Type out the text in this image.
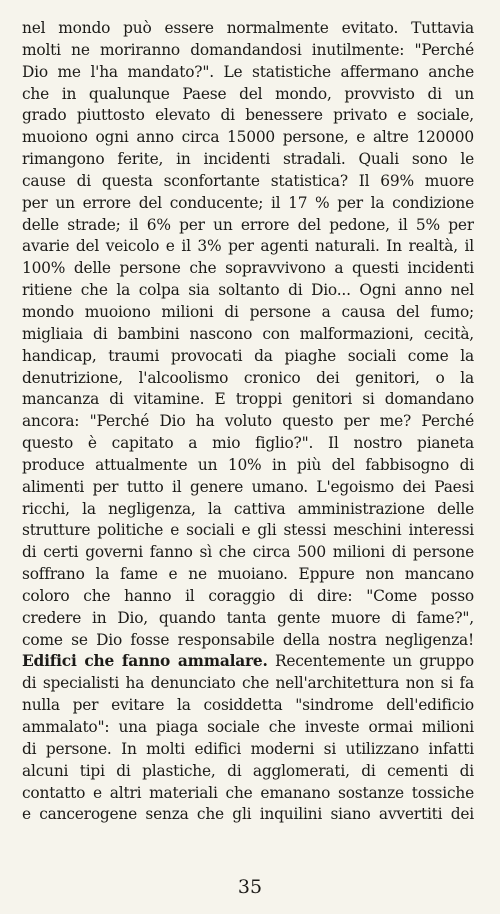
nel mondo può essere normalmente evitato. Tuttavia
molti ne moriranno domandandosi inutilmente: "Perché
Dio me l'ha mandato?". Le statistiche affermano anche
che in qualunque Paese del mondo, provvisto di un
grado piuttosto elevato di benessere privato e sociale,
muoiono ogni anno circa 15000 persone, e altre 120000
rimangono ferite, in incidenti stradali. Quali sono le
cause di questa sconfortante statistica? Il 69% muore
per un errore del conducente; il 17 % per la condizione
delle strade; il 6% per un errore del pedone, il 5% per
avarie del veicolo e il 3% per agenti naturali. In realtà, il
100% delle persone che sopravvivono a questi incidenti
ritiene che la colpa sia soltanto di Dio... Ogni anno nel
mondo muoiono milioni di persone a causa del fumo;
migliaia di bambini nascono con malformazioni, cecità,
handicap, traumi provocati da piaghe sociali come la
denutrizione, l'alcoolismo cronico dei genitori, o la
mancanza di vitamine. E troppi genitori si domandano
ancora: "Perché Dio ha voluto questo per me? Perché
questo è capitato a mio figlio?". Il nostro pianeta
produce attualmente un 10% in più del fabbisogno di
alimenti per tutto il genere umano. L'egoismo dei Paesi
ricchi, la negligenza, la cattiva amministrazione delle
strutture politiche e sociali e gli stessi meschini interessi
di certi governi fanno sì che circa 500 milioni di persone
soffrano la fame e ne muoiano. Eppure non mancano
coloro che hanno il coraggio di dire: "Come posso
credere in Dio, quando tanta gente muore di fame?",
come se Dio fosse responsabile della nostra negligenza!
Edifici che fanno ammalare. Recentemente un gruppo
di specialisti ha denunciato che nell'architettura non si fa
nulla per evitare la cosiddetta "sindrome dell'edificio
ammalato": una piaga sociale che investe ormai milioni
di persone. In molti edifici moderni si utilizzano infatti
alcuni tipi di plastiche, di agglomerati, di cementi di
contatto e altri materiali che emanano sostanze tossiche
e cancerogene senza che gli inquilini siano avvertiti dei
35
